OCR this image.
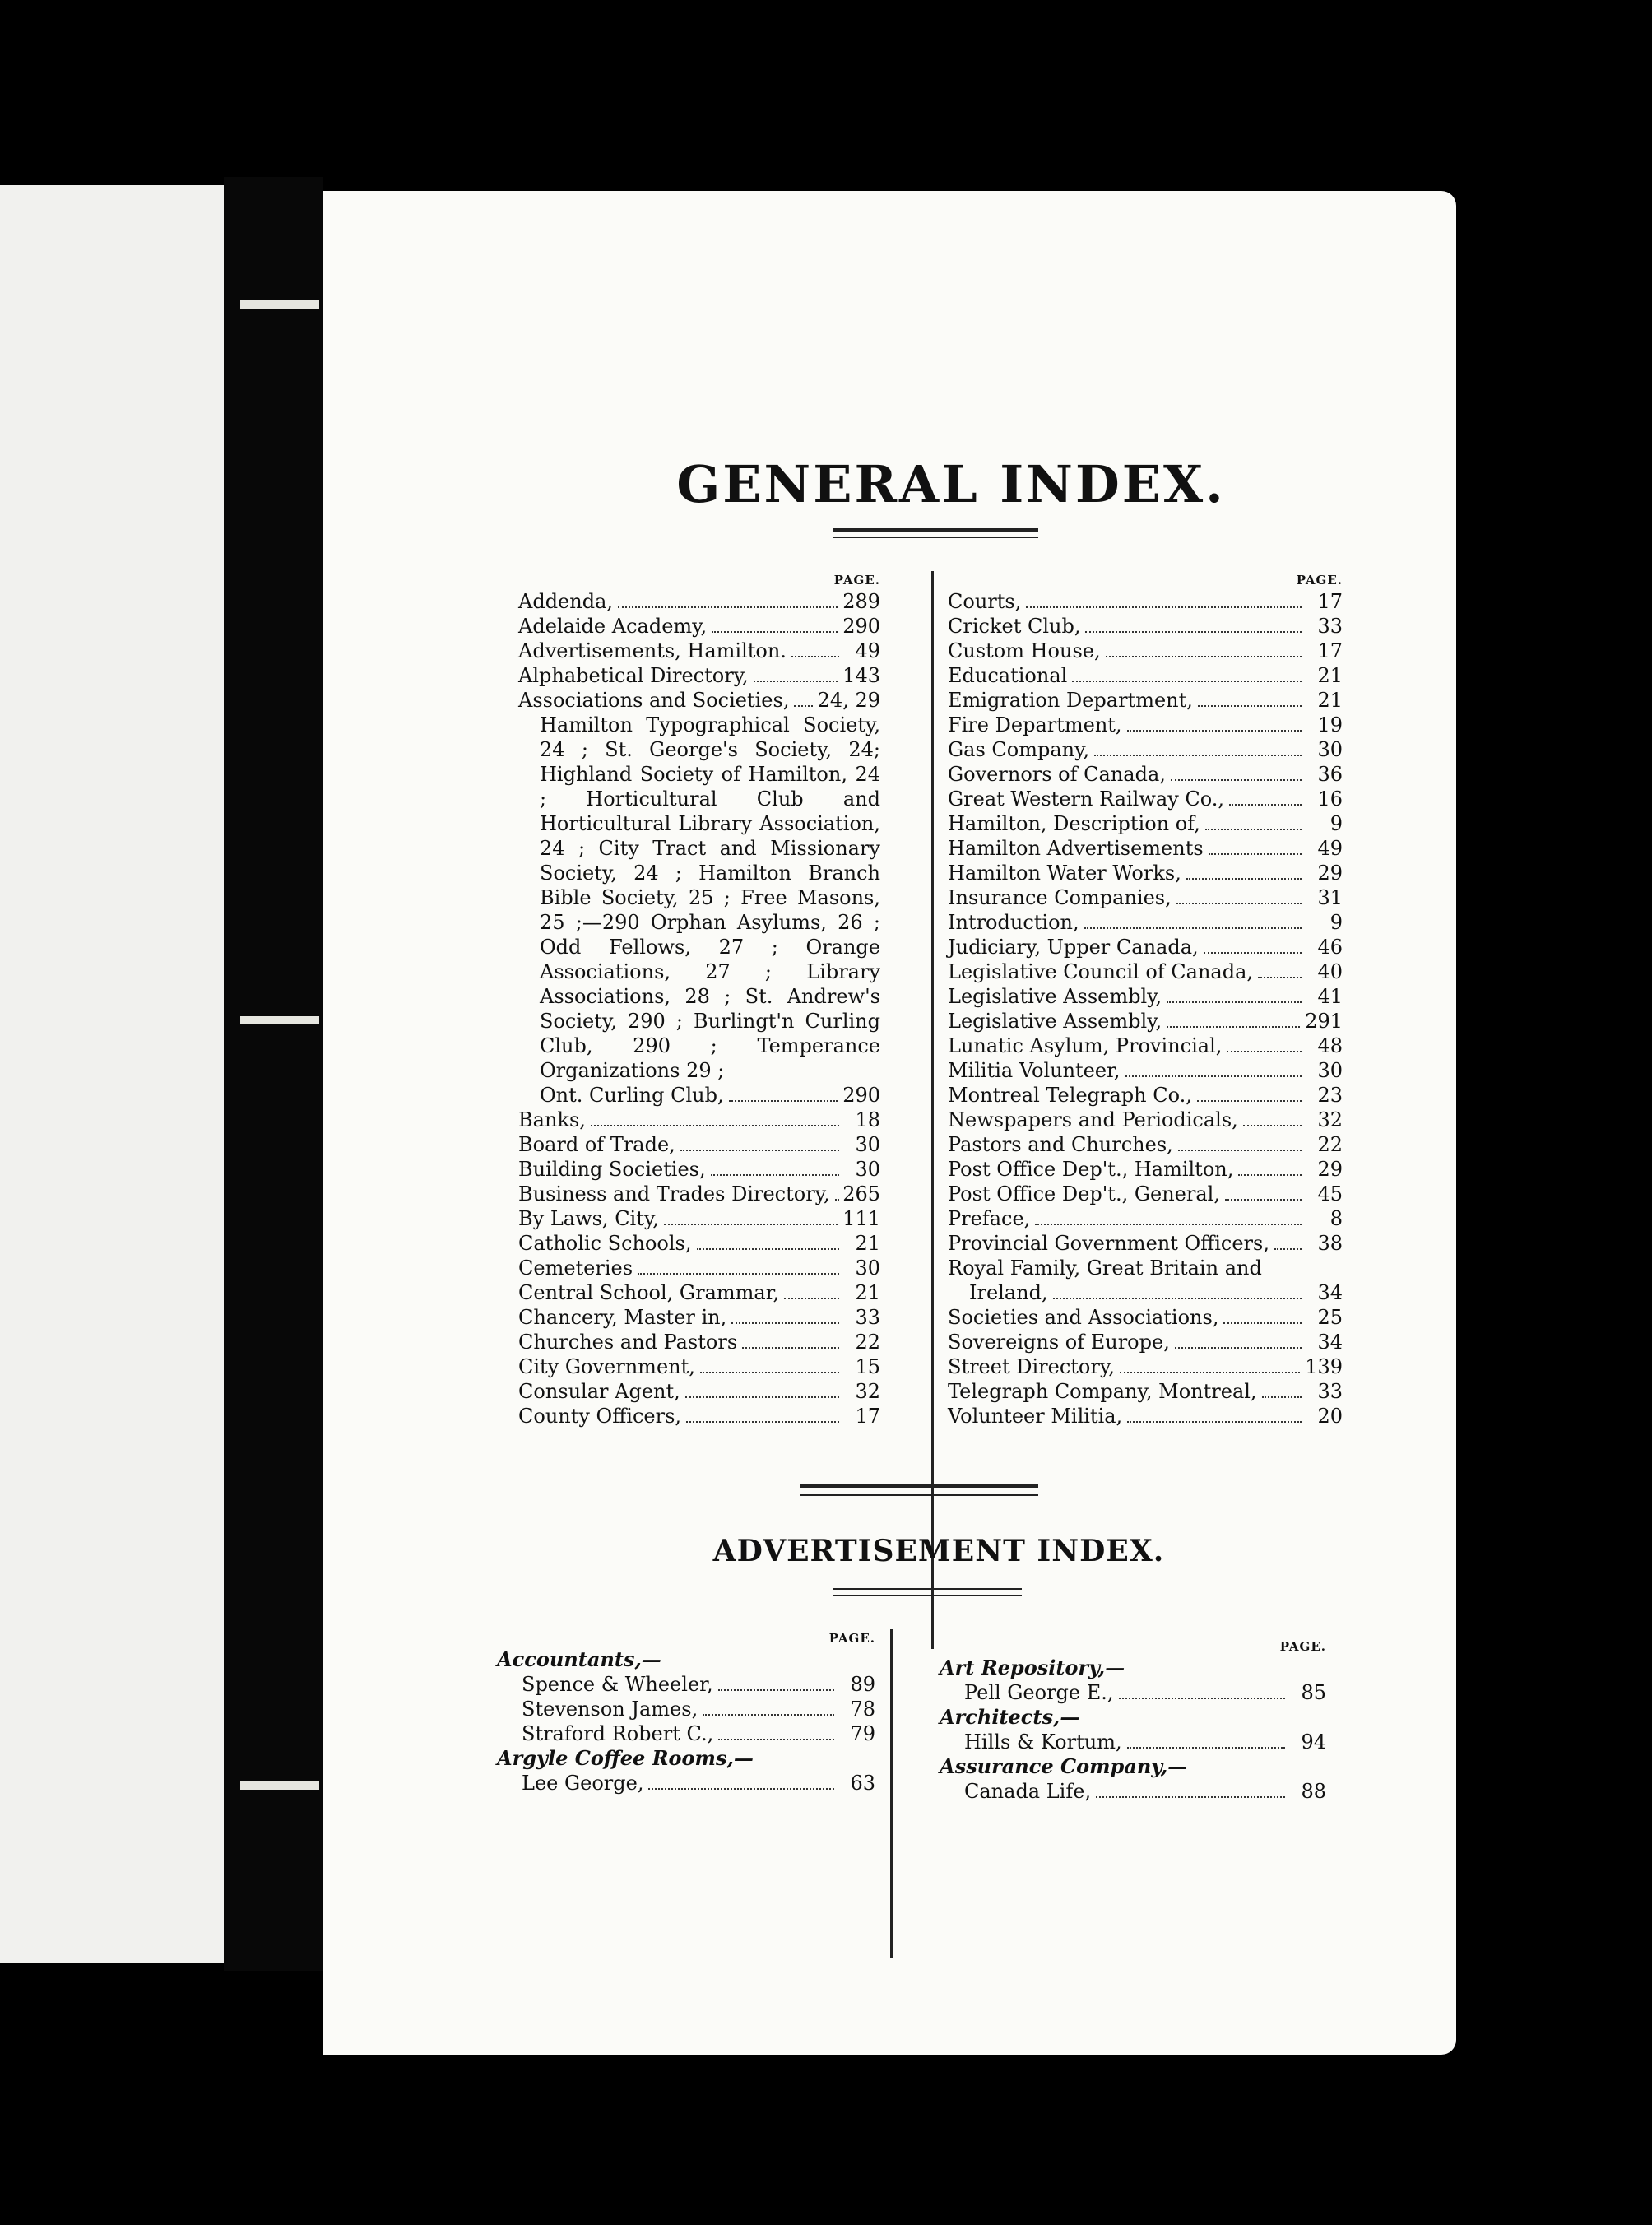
GENERAL INDEX.
PAGE.
Addenda,	289
Adelaide Academy,	290
Advertisements, Hamilton.	49
Alphabetical Directory,	143
Associations and Societies, 24, 29
Hamilton Typographical Society, 24 ; St. George's Society, 24; Highland Society of Hamilton, 24 ; Horticultural Club and Horticultural Library Association, 24 ; City Tract and Missionary Society, 24 ; Hamilton Branch Bible Society, 25 ; Free Masons, 25 ;—290 Orphan Asylums, 26 ; Odd Fellows, 27 ; Orange Associations, 27 ; Library Associations, 28 ; St. Andrew's Society, 290 ; Burlingt'n Curling Club, 290 ; Temperance Organizations 29 ;
Ont. Curling Club,	290
Banks,	18
Board of Trade,	30
Building Societies,	30
Business and Trades Directory, 265
By Laws, City,	111
Catholic Schools,	21
Cemeteries	30
Central School, Grammar,	21
Chancery, Master in,	33
Churches and Pastors	22
City Government,	15
Consular Agent,	32
County Officers,	17
PAGE.
Courts,	17
Cricket Club,	33
Custom House,	17
Educational	21
Emigration Department,	21
Fire Department,	19
Gas Company,	30
Governors of Canada,	36
Great Western Railway Co.,	16
Hamilton, Description of,	9
Hamilton Advertisements	49
Hamilton Water Works,	29
Insurance Companies,	31
Introduction,	9
Judiciary, Upper Canada,	46
Legislative Council of Canada,	40
Legislative Assembly,	41
Legislative Assembly,	291
Lunatic Asylum, Provincial,	48
Militia Volunteer,	30
Montreal Telegraph Co.,	23
Newspapers and Periodicals,	32
Pastors and Churches,	22
Post Office Dep't., Hamilton,	29
Post Office Dep't., General,	45
Preface,	8
Provincial Government Officers,	38
Royal Family, Great Britain and
Ireland,	34
Societies and Associations,	25
Sovereigns of Europe,	34
Street Directory,	139
Telegraph Company, Montreal,	33
Volunteer Militia,	20
ADVERTISEMENT INDEX.
PAGE.
Accountants,—
Spence & Wheeler,	89
Stevenson James,	78
Straford Robert C.,	79
Argyle Coffee Rooms,—
Lee George,	63
PAGE.
Art Repository,—
Pell George E.,	85
Architects,—
Hills & Kortum,	94
Assurance Company,—
Canada Life,	88
